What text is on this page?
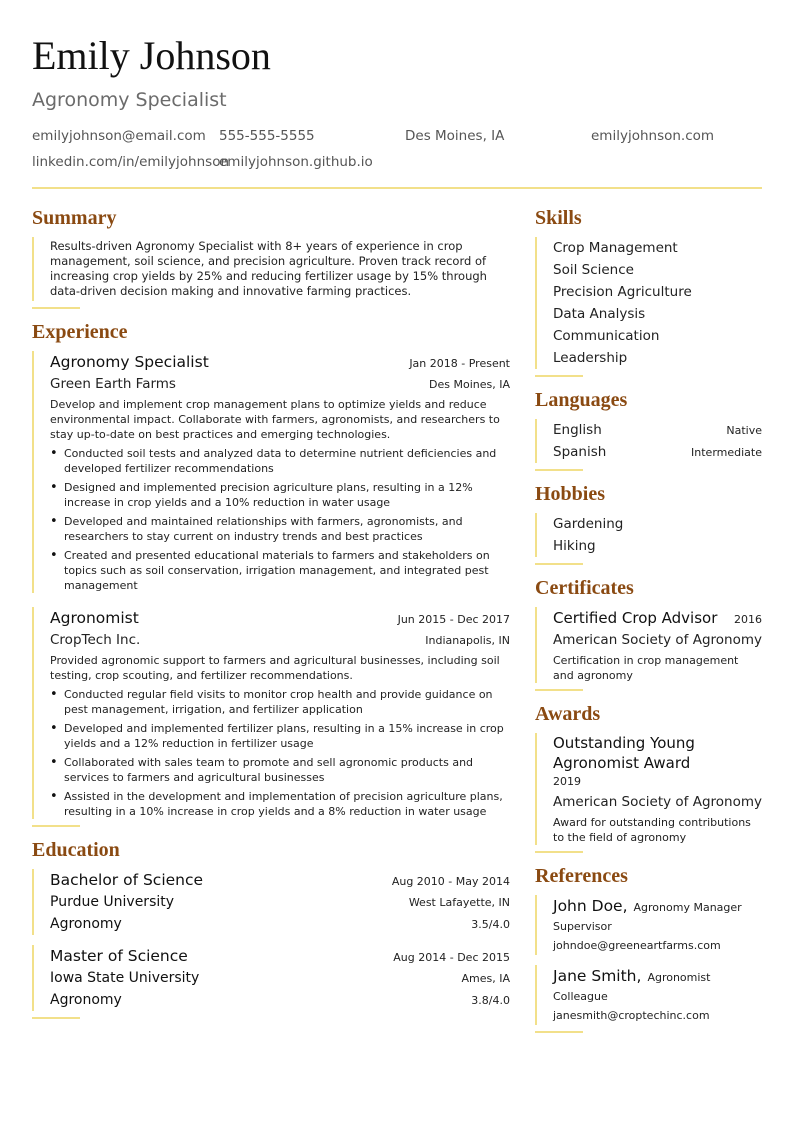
Emily Johnson
Agronomy Specialist
emilyjohnson@email.com 555-555-5555	Des Moines, IA	emilyjohnson.com
linkedin.com/in/emilyjohnson
emilyjohnson.github.io
Summary

Results-driven Agronomy Specialist with 8+ years of experience in crop management, soil science, and precision agriculture. Proven track record of increasing crop yields by 25% and reducing fertilizer usage by 15% through data-driven decision making and innovative farming practices.

Experience
Agronomy Specialist	Jan 2018 - Present
Green Earth Farms	Des Moines, IA

Develop and implement crop management plans to optimize yields and reduce environmental impact. Collaborate with farmers, agronomists, and researchers to stay up-to-date on best practices and emerging technologies.

• Conducted soil tests and analyzed data to determine nutrient deficiencies and developed fertilizer recommendations
• Designed and implemented precision agriculture plans, resulting in a 12% increase in crop yields and a 10% reduction in water usage
• Developed and maintained relationships with farmers, agronomists, and researchers to stay current on industry trends and best practices
• Created and presented educational materials to farmers and stakeholders on topics such as soil conservation, irrigation management, and integrated pest management
Agronomist	Jun 2015 - Dec 2017
CropTech Inc.	Indianapolis, IN

Provided agronomic support to farmers and agricultural businesses, including soil testing, crop scouting, and fertilizer recommendations.

• Conducted regular field visits to monitor crop health and provide guidance on pest management, irrigation, and fertilizer application
• Developed and implemented fertilizer plans, resulting in a 15% increase in crop yields and a 12% reduction in fertilizer usage
• Collaborated with sales team to promote and sell agronomic products and services to farmers and agricultural businesses
• Assisted in the development and implementation of precision agriculture plans, resulting in a 10% increase in crop yields and a 8% reduction in water usage
Education
Bachelor of Science	Aug 2010 - May 2014
Purdue University	West Lafayette, IN
Agronomy	3.5/4.0
Master of Science	Aug 2014 - Dec 2015
Iowa State University	Ames, IA
Agronomy	3.8/4.0
Skills
Crop Management
Soil Science
Precision Agriculture
Data Analysis
Communication
Leadership
Languages
English	Native
Spanish	Intermediate
Hobbies
Gardening
Hiking
Certificates
Certified Crop Advisor 2016
American Society of Agronomy
Certification in crop management and agronomy
Awards
Outstanding Young Agronomist Award
2019
American Society of Agronomy
Award for outstanding contributions to the field of agronomy
References
John Doe, Agronomy Manager
Supervisor
johndoe@greeneartfarms.com
Jane Smith, Agronomist
Colleague
janesmith@croptechinc.com
